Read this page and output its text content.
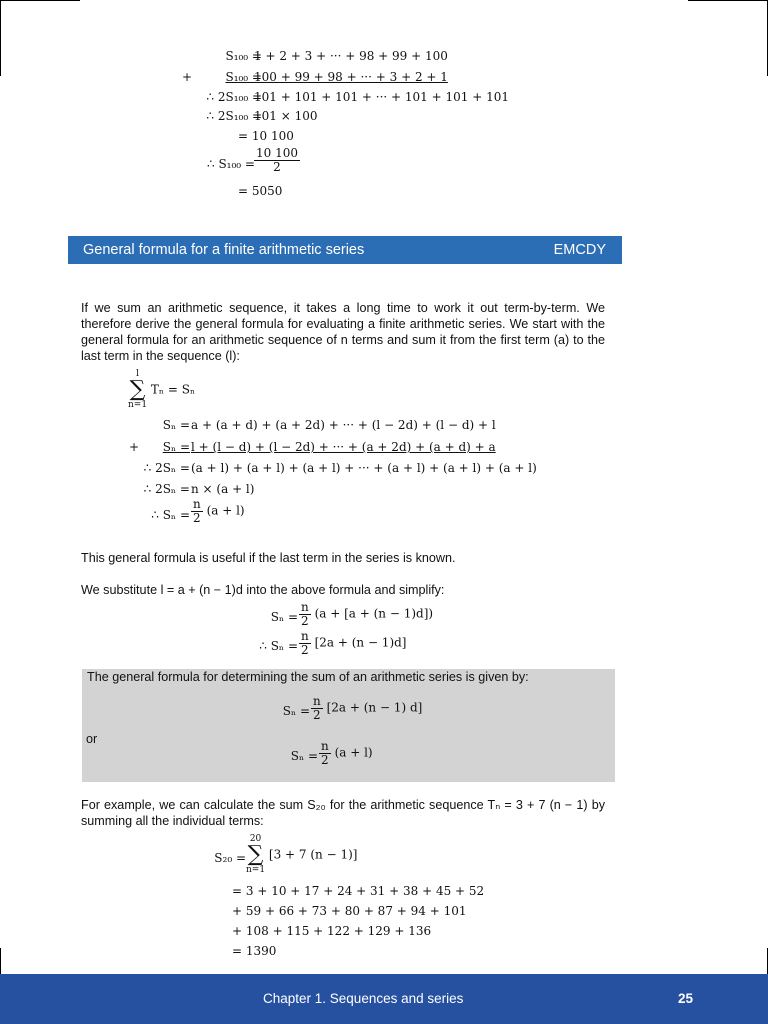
S₁₀₀ =
1 + 2 + 3 + ··· + 98 + 99 + 100
+	S₁₀₀ =
100 + 99 + 98 + ··· + 3 + 2 + 1
∴ 2S₁₀₀ =
101 + 101 + 101 + ··· + 101 + 101 + 101
∴ 2S₁₀₀ =
101 × 100
= 10 100
∴ $S_{100} = \frac{10 100}{2}$
= 5050
General formula for a finite arithmetic series	EMCDY
If we sum an arithmetic sequence, it takes a long time to work it out term-by-term. We therefore derive the general formula for evaluating a finite arithmetic series. We start with the general formula for an arithmetic sequence of n terms and sum it from the first term (a) to the last term in the sequence (l):
l
∑
n=1
Tₙ = Sₙ
Sₙ = a + (a + d) + (a + 2d) + ··· + (l − 2d) + (l − d) + l
+	Sₙ = l + (l − d) + (l − 2d) + ··· + (a + 2d) + (a + d) + a
∴ 2Sₙ = (a + l) + (a + l) + (a + l) + ··· + (a + l) + (a + l) + (a + l)
∴ 2Sₙ = n × (a + l)
∴ $S_n = \frac{n}{2} (a + l)$
This general formula is useful if the last term in the series is known.
We substitute l = a + (n − 1)d into the above formula and simplify:
$S_n = \frac{n}{2} (a + [a + (n - 1)d])$
∴ $S_n = \frac{n}{2} [2a + (n - 1)d]$
The general formula for determining the sum of an arithmetic series is given by:
$S_n = \frac{n}{2} [2a + (n - 1)$ d]
or
$S_n = \frac{n}{2} (a + l)$
For example, we can calculate the sum S₂₀ for the arithmetic sequence Tₙ = 3 + 7 (n − 1) by summing all the individual terms:
S₂₀ =
20
∑
n=1
[3 + 7 (n − 1)]
= 3 + 10 + 17 + 24 + 31 + 38 + 45 + 52
+ 59 + 66 + 73 + 80 + 87 + 94 + 101
+ 108 + 115 + 122 + 129 + 136
= 1390
Chapter 1. Sequences and series	25
